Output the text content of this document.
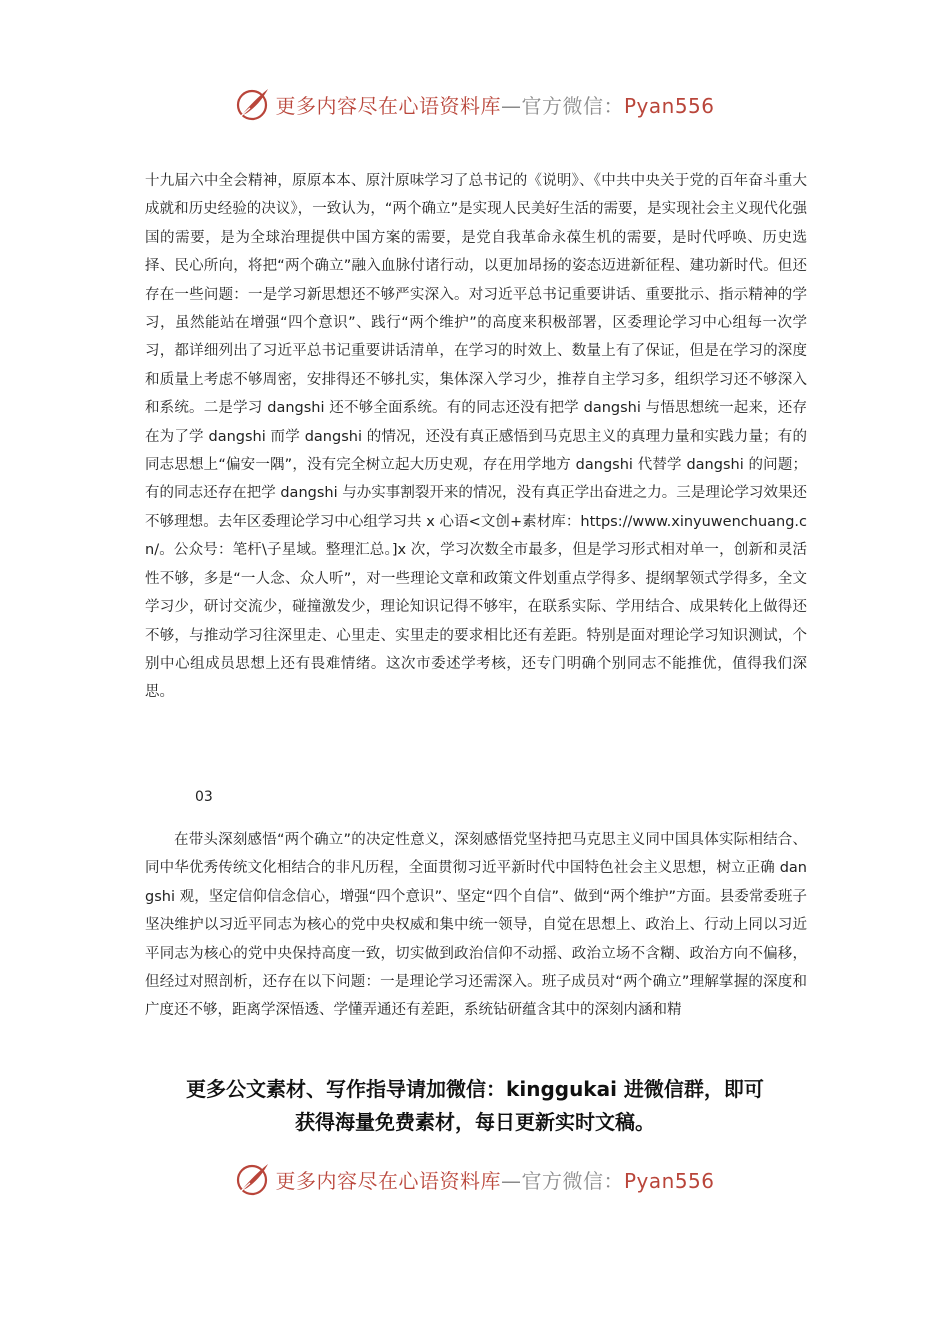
更多内容尽在心语资料库—官方微信：Pyan556

十九届六中全会精神，原原本本、原汁原味学习了总书记的《说明》、《中共中央关于党的百年奋斗重大成就和历史经验的决议》，一致认为，“两个确立”是实现人民美好生活的需要，是实现社会主义现代化强国的需要，是为全球治理提供中国方案的需要，是党自我革命永葆生机的需要，是时代呼唤、历史选择、民心所向，将把“两个确立”融入血脉付诸行动，以更加昂扬的姿态迈进新征程、建功新时代。但还存在一些问题：一是学习新思想还不够严实深入。对习近平总书记重要讲话、重要批示、指示精神的学习，虽然能站在增强“四个意识”、践行“两个维护”的高度来积极部署，区委理论学习中心组每一次学习，都详细列出了习近平总书记重要讲话清单，在学习的时效上、数量上有了保证，但是在学习的深度和质量上考虑不够周密，安排得还不够扎实，集体深入学习少，推荐自主学习多，组织学习还不够深入和系统。二是学习 dangshi 还不够全面系统。有的同志还没有把学 dangshi 与悟思想统一起来，还存在为了学 dangshi 而学 dangshi 的情况，还没有真正感悟到马克思主义的真理力量和实践力量；有的同志思想上“偏安一隅”，没有完全树立起大历史观，存在用学地方 dangshi 代替学 dangshi 的问题；有的同志还存在把学 dangshi 与办实事割裂开来的情况，没有真正学出奋进之力。三是理论学习效果还不够理想。去年区委理论学习中心组学习共 x 心语<文创+素材库：https://www.xinyuwenchuang.cn/。公众号：笔杆\子星域。整理汇总。]x 次，学习次数全市最多，但是学习形式相对单一，创新和灵活性不够，多是“一人念、众人听”，对一些理论文章和政策文件划重点学得多、提纲挈领式学得多，全文学习少，研讨交流少，碰撞激发少，理论知识记得不够牢，在联系实际、学用结合、成果转化上做得还不够，与推动学习往深里走、心里走、实里走的要求相比还有差距。特别是面对理论学习知识测试，个别中心组成员思想上还有畏难情绪。这次市委述学考核，还专门明确个别同志不能推优，值得我们深思。

03

在带头深刻感悟“两个确立”的决定性意义，深刻感悟党坚持把马克思主义同中国具体实际相结合、同中华优秀传统文化相结合的非凡历程，全面贯彻习近平新时代中国特色社会主义思想，树立正确 dangshi 观，坚定信仰信念信心，增强“四个意识”、坚定“四个自信”、做到“两个维护”方面。县委常委班子坚决维护以习近平同志为核心的党中央权威和集中统一领导，自觉在思想上、政治上、行动上同以习近平同志为核心的党中央保持高度一致，切实做到政治信仰不动摇、政治立场不含糊、政治方向不偏移，但经过对照剖析，还存在以下问题：一是理论学习还需深入。班子成员对“两个确立”理解掌握的深度和广度还不够，距离学深悟透、学懂弄通还有差距，系统钻研蕴含其中的深刻内涵和精

更多公文素材、写作指导请加微信：kinggukai 进微信群，即可
获得海量免费素材，每日更新实时文稿。
更多内容尽在心语资料库—官方微信：Pyan556
